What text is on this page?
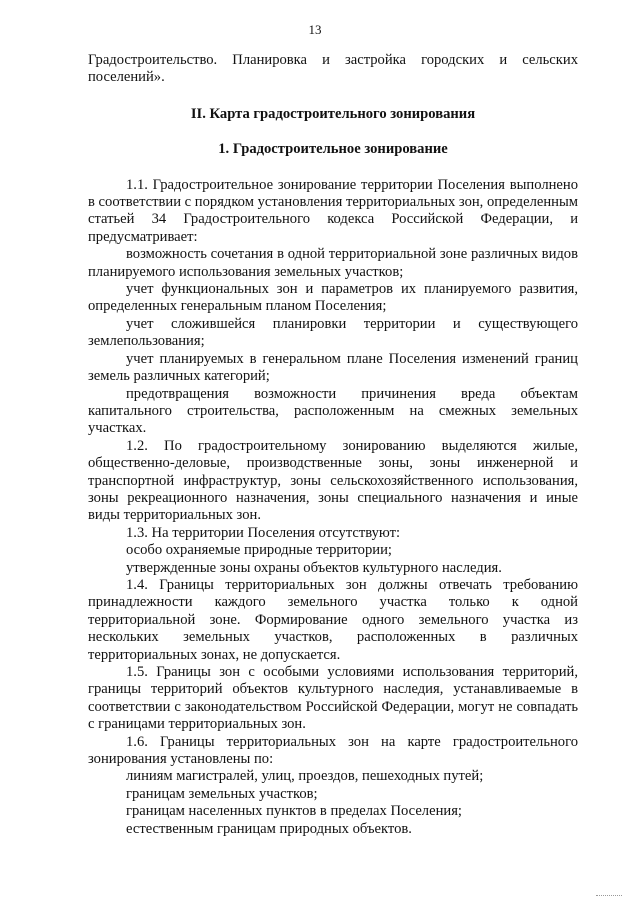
13

Градостроительство. Планировка и застройка городских и сельских поселений».

II. Карта градостроительного зонирования

1. Градостроительное зонирование

1.1. Градостроительное зонирование территории Поселения выполнено в соответствии с порядком установления территориальных зон, определенным статьей 34 Градостроительного кодекса Российской Федерации, и предусматривает:

возможность сочетания в одной территориальной зоне различных видов планируемого использования земельных участков;

учет функциональных зон и параметров их планируемого развития, определенных генеральным планом Поселения;

учет сложившейся планировки территории и существующего землепользования;

учет планируемых в генеральном плане Поселения изменений границ земель различных категорий;

предотвращения возможности причинения вреда объектам капитального строительства, расположенным на смежных земельных участках.

1.2. По градостроительному зонированию выделяются жилые, общественно-деловые, производственные зоны, зоны инженерной и транспортной инфраструктур, зоны сельскохозяйственного использования, зоны рекреационного назначения, зоны специального назначения и иные виды территориальных зон.

1.3. На территории Поселения отсутствуют:

особо охраняемые природные территории;

утвержденные зоны охраны объектов культурного наследия.

1.4. Границы территориальных зон должны отвечать требованию принадлежности каждого земельного участка только к одной территориальной зоне. Формирование одного земельного участка из нескольких земельных участков, расположенных в различных территориальных зонах, не допускается.

1.5. Границы зон с особыми условиями использования территорий, границы территорий объектов культурного наследия, устанавливаемые в соответствии с законодательством Российской Федерации, могут не совпадать с границами территориальных зон.

1.6. Границы территориальных зон на карте градостроительного зонирования установлены по:

линиям магистралей, улиц, проездов, пешеходных путей;

границам земельных участков;

границам населенных пунктов в пределах Поселения;

естественным границам природных объектов.
